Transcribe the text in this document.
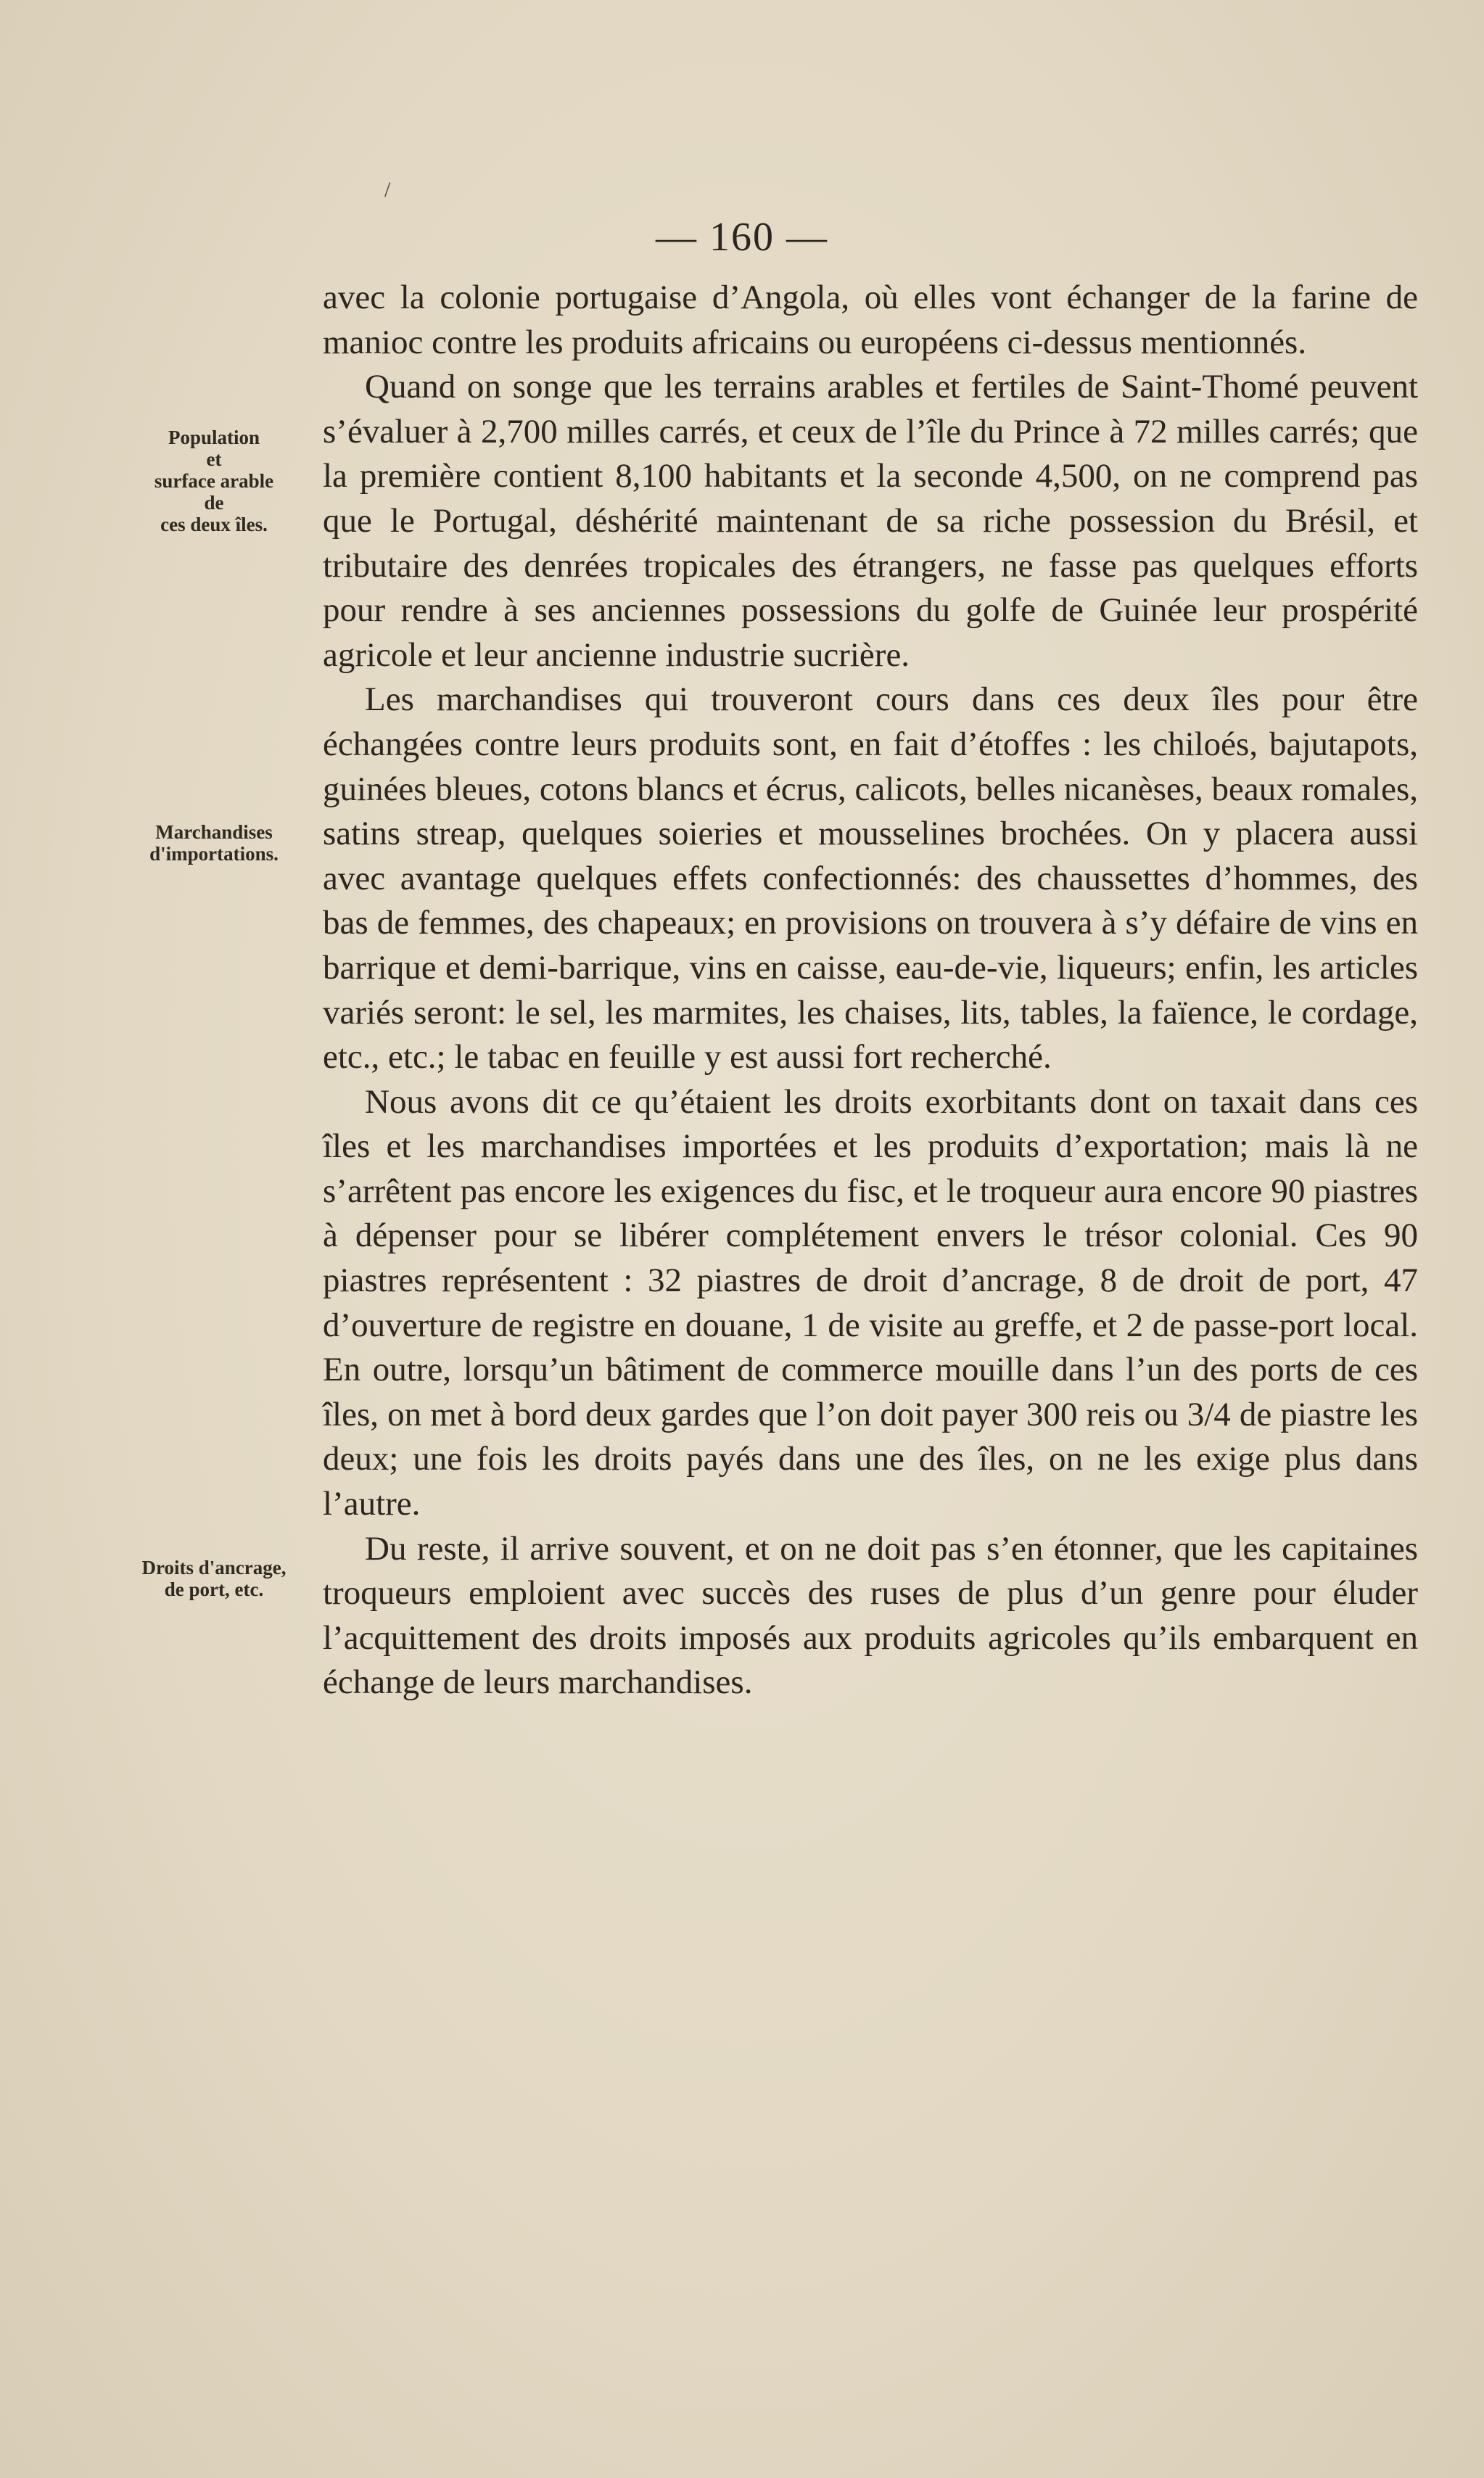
/
— 160 —
Population
et
surface arable
de
ces deux îles.
Marchandises
d'importations.
Droits d'ancrage,
de port, etc.

avec la colonie portugaise d’Angola, où elles vont échanger de la farine de manioc contre les produits africains ou européens ci-dessus mentionnés.

Quand on songe que les terrains arables et fertiles de Saint-Thomé peuvent s’évaluer à 2,700 milles carrés, et ceux de l’île du Prince à 72 milles carrés; que la première contient 8,100 habitants et la seconde 4,500, on ne comprend pas que le Portugal, déshérité maintenant de sa riche possession du Brésil, et tributaire des denrées tropicales des étrangers, ne fasse pas quelques efforts pour rendre à ses anciennes possessions du golfe de Guinée leur prospérité agricole et leur ancienne industrie sucrière.

Les marchandises qui trouveront cours dans ces deux îles pour être échangées contre leurs produits sont, en fait d’étoffes : les chiloés, bajutapots, guinées bleues, cotons blancs et écrus, calicots, belles nicanèses, beaux romales, satins streap, quelques soieries et mousselines brochées. On y placera aussi avec avantage quelques effets confectionnés: des chaussettes d’hommes, des bas de femmes, des chapeaux; en provisions on trouvera à s’y défaire de vins en barrique et demi-barrique, vins en caisse, eau-de-vie, liqueurs; enfin, les articles variés seront: le sel, les marmites, les chaises, lits, tables, la faïence, le cordage, etc., etc.; le tabac en feuille y est aussi fort recherché.

Nous avons dit ce qu’étaient les droits exorbitants dont on taxait dans ces îles et les marchandises importées et les produits d’exportation; mais là ne s’arrêtent pas encore les exigences du fisc, et le troqueur aura encore 90 piastres à dépenser pour se libérer complétement envers le trésor colonial. Ces 90 piastres représentent : 32 piastres de droit d’ancrage, 8 de droit de port, 47 d’ouverture de registre en douane, 1 de visite au greffe, et 2 de passe-port local. En outre, lorsqu’un bâtiment de commerce mouille dans l’un des ports de ces îles, on met à bord deux gardes que l’on doit payer 300 reis ou 3/4 de piastre les deux; une fois les droits payés dans une des îles, on ne les exige plus dans l’autre.

Du reste, il arrive souvent, et on ne doit pas s’en étonner, que les capitaines troqueurs emploient avec succès des ruses de plus d’un genre pour éluder l’acquittement des droits imposés aux produits agricoles qu’ils embarquent en échange de leurs marchandises.
